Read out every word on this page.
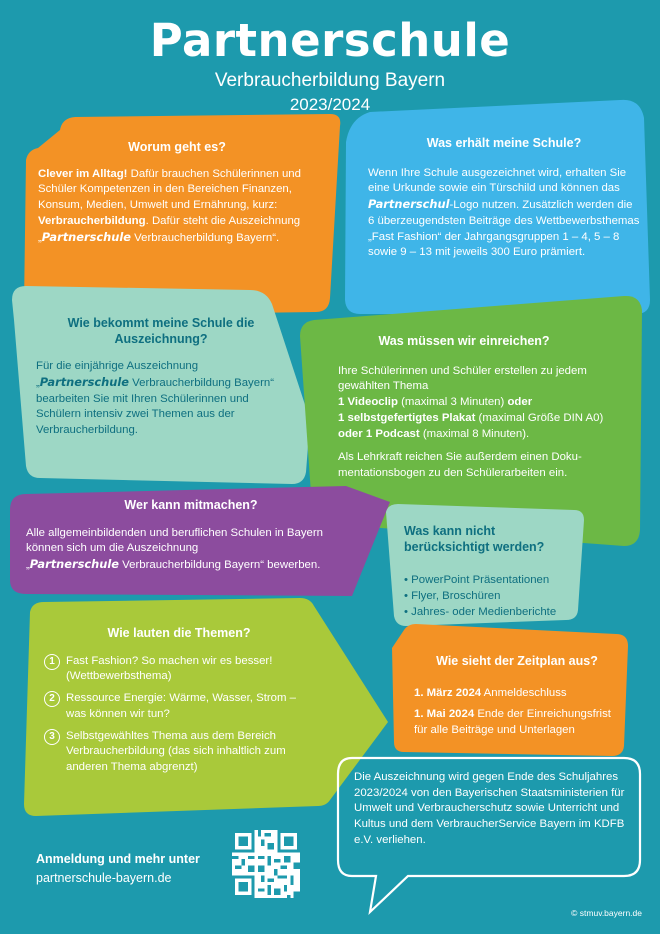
Partnerschule
Verbraucherbildung Bayern
2023/2024
Worum geht es?
Clever im Alltag! Dafür brauchen Schülerinnen und Schüler Kompetenzen in den Bereichen Finanzen, Konsum, Medien, Umwelt und Ernährung, kurz: Verbraucherbildung. Dafür steht die Auszeichnung
„Partnerschule Verbraucherbildung Bayern“.
Was erhält meine Schule?
Wenn Ihre Schule ausgezeichnet wird, erhalten Sie eine Urkunde sowie ein Türschild und können das Partnerschul-Logo nutzen. Zusätzlich werden die 6 überzeugendsten Beiträge des Wettbewerbsthemas „Fast Fashion“ der Jahrgangsgruppen 1 – 4, 5 – 8 sowie 9 – 13 mit jeweils 300 Euro prämiert.
Wie bekommt meine Schule die Auszeichnung?
Für die einjährige Auszeichnung
„Partnerschule Verbraucherbildung Bayern“ bearbeiten Sie mit Ihren Schülerinnen und Schülern intensiv zwei Themen aus der Verbraucherbildung.
Was müssen wir einreichen?
Ihre Schülerinnen und Schüler erstellen zu jedem gewählten Thema
1 Videoclip (maximal 3 Minuten) oder
1 selbstgefertigtes Plakat (maximal Größe DIN A0)
oder 1 Podcast (maximal 8 Minuten).
Als Lehrkraft reichen Sie außerdem einen Dokumentationsbogen zu den Schülerarbeiten ein.
Wer kann mitmachen?
Alle allgemeinbildenden und beruflichen Schulen in Bayern können sich um die Auszeichnung
„Partnerschule Verbraucherbildung Bayern“ bewerben.
Was kann nicht berücksichtigt werden?
• PowerPoint Präsentationen
• Flyer, Broschüren
• Jahres- oder Medienberichte
Wie lauten die Themen?
1 Fast Fashion? So machen wir es besser! (Wettbewerbsthema)
2 Ressource Energie: Wärme, Wasser, Strom – was können wir tun?
3 Selbstgewähltes Thema aus dem Bereich Verbraucherbildung (das sich inhaltlich zum anderen Thema abgrenzt)
Wie sieht der Zeitplan aus?
1. März 2024 Anmeldeschluss
1. Mai 2024 Ende der Einreichungsfrist für alle Beiträge und Unterlagen
Die Auszeichnung wird gegen Ende des Schuljahres 2023/2024 von den Bayerischen Staatsministerien für Umwelt und Verbraucherschutz sowie Unterricht und Kultus und dem VerbraucherService Bayern im KDFB e.V. verliehen.
Anmeldung und mehr unter
partnerschule-bayern.de
© stmuv.bayern.de
